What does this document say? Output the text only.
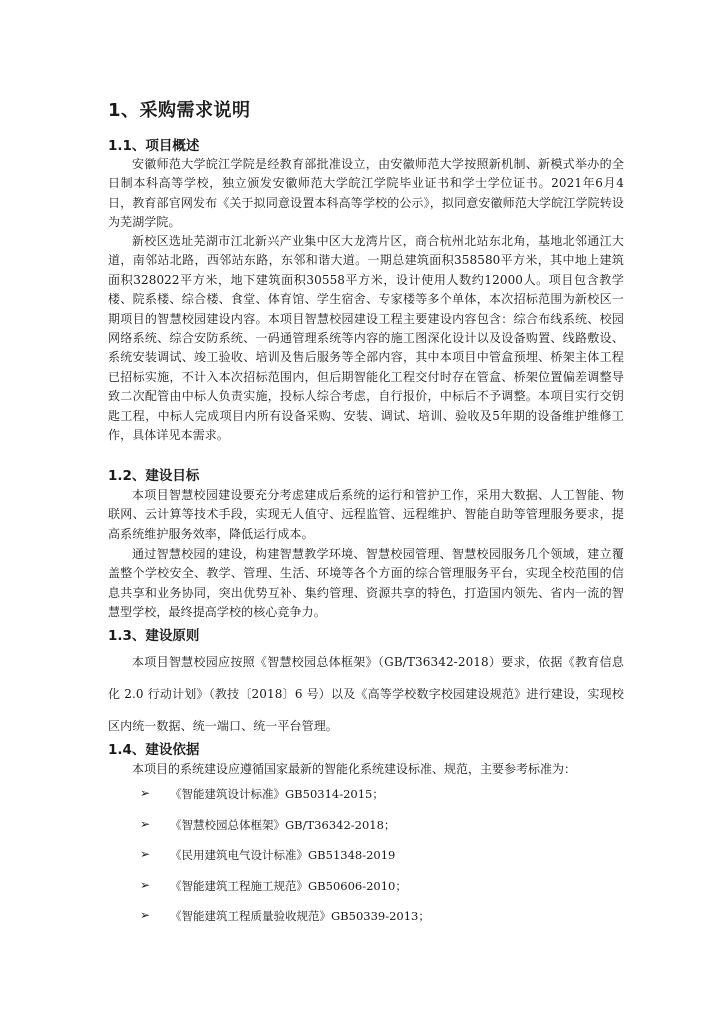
1、采购需求说明
1.1、项目概述

安徽师范大学皖江学院是经教育部批准设立，由安徽师范大学按照新机制、新模式举办的全日制本科高等学校，独立颁发安徽师范大学皖江学院毕业证书和学士学位证书。2021年6月4日，教育部官网发布《关于拟同意设置本科高等学校的公示》，拟同意安徽师范大学皖江学院转设为芜湖学院。

新校区选址芜湖市江北新兴产业集中区大龙湾片区，商合杭州北站东北角，基地北邻通江大道，南邻站北路，西邻站东路，东邻和谐大道。一期总建筑面积358580平方米，其中地上建筑面积328022平方米，地下建筑面积30558平方米，设计使用人数约12000人。项目包含教学楼、院系楼、综合楼、食堂、体育馆、学生宿舍、专家楼等多个单体，本次招标范围为新校区一期项目的智慧校园建设内容。本项目智慧校园建设工程主要建设内容包含：综合布线系统、校园网络系统、综合安防系统、一码通管理系统等内容的施工图深化设计以及设备购置、线路敷设、系统安装调试、竣工验收、培训及售后服务等全部内容，其中本项目中管盒预埋、桥架主体工程已招标实施，不计入本次招标范围内，但后期智能化工程交付时存在管盒、桥架位置偏差调整导致二次配管由中标人负责实施，投标人综合考虑，自行报价，中标后不予调整。本项目实行交钥匙工程，中标人完成项目内所有设备采购、安装、调试、培训、验收及5年期的设备维护维修工作，具体详见本需求。

1.2、建设目标

本项目智慧校园建设要充分考虑建成后系统的运行和管护工作，采用大数据、人工智能、物联网、云计算等技术手段，实现无人值守、远程监管、远程维护、智能自助等管理服务要求，提高系统维护服务效率，降低运行成本。

通过智慧校园的建设，构建智慧教学环境、智慧校园管理、智慧校园服务几个领域，建立覆盖整个学校安全、教学、管理、生活、环境等各个方面的综合管理服务平台，实现全校范围的信息共享和业务协同，突出优势互补、集约管理、资源共享的特色，打造国内领先、省内一流的智慧型学校，最终提高学校的核心竞争力。

1.3、建设原则

本项目智慧校园应按照《智慧校园总体框架》（GB/T36342-2018）要求，依据《教育信息化 2.0 行动计划》（教技〔2018〕6 号）以及《高等学校数字校园建设规范》进行建设，实现校区内统一数据、统一端口、统一平台管理。

1.4、建设依据

本项目的系统建设应遵循国家最新的智能化系统建设标准、规范，主要参考标准为：

➢	《智能建筑设计标准》GB50314-2015；
➢	《智慧校园总体框架》GB/T36342-2018；
➢	《民用建筑电气设计标准》GB51348-2019
➢	《智能建筑工程施工规范》GB50606-2010；
➢	《智能建筑工程质量验收规范》GB50339-2013；
